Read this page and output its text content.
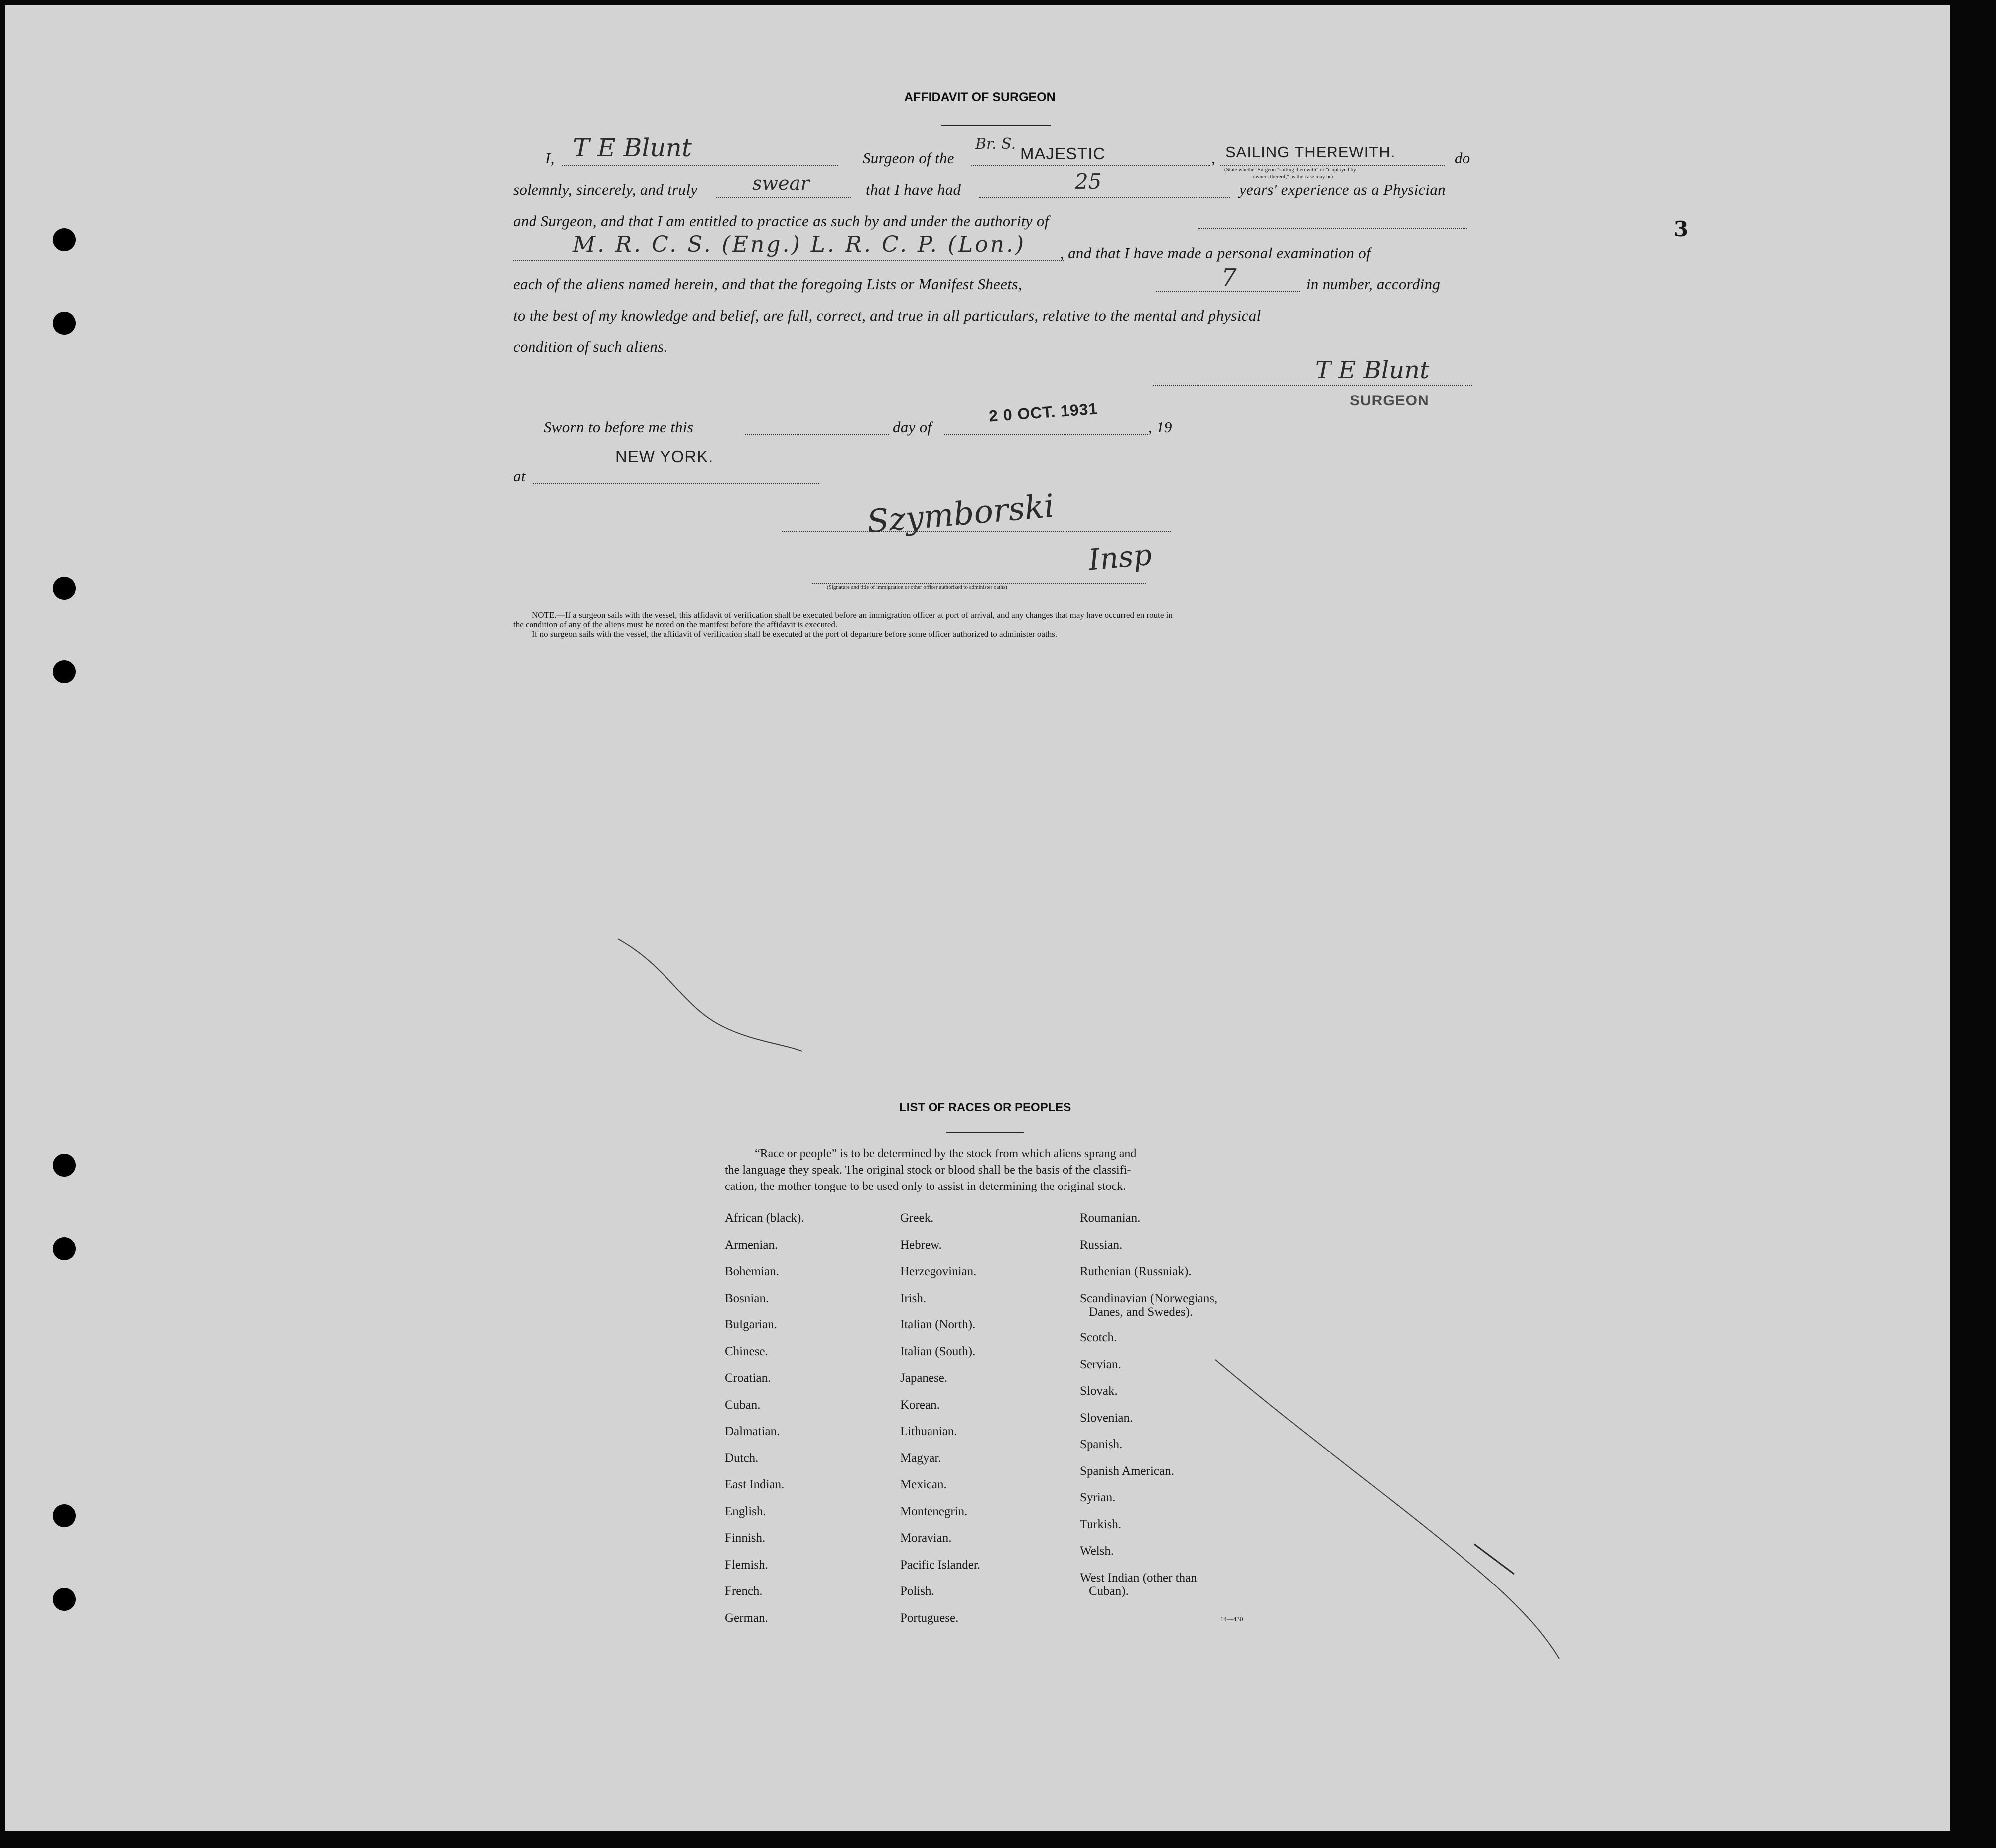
3
AFFIDAVIT OF SURGEON
I, T E Blunt	Surgeon of the
Br. S.
MAJESTIC	, SAILING THEREWITH.
(State whether Surgeon "sailing therewith" or "employed by
owners thereof," as the case may be)
do
solemnly, sincerely, and truly	swear	that I have had	25	years' experience as a Physician
and Surgeon, and that I am entitled to practice as such by and under the authority of
M. R. C. S. (Eng.) L. R. C. P. (Lon.) , and that I have made a personal examination of
each of the aliens named herein, and that the foregoing Lists or Manifest Sheets,	7	in number, according
to the best of my knowledge and belief, are full, correct, and true in all particulars, relative to the mental and physical
condition of such aliens.
T E Blunt
SURGEON
Sworn to before me this	day of
2 0 OCT. 1931
, 19
NEW YORK.
at
Szymborski
Insp
(Signature and title of immigration or other officer authorized to administer oaths)
NOTE.—If a surgeon sails with the vessel, this affidavit of verification shall be executed before an immigration officer at port of arrival, and any changes that may have occurred en route in
the condition of any of the aliens must be noted on the manifest before the affidavit is executed.
If no surgeon sails with the vessel, the affidavit of verification shall be executed at the port of departure before some officer authorized to administer oaths.
LIST OF RACES OR PEOPLES
“Race or people” is to be determined by the stock from which aliens sprang and
the language they speak. The original stock or blood shall be the basis of the classifi-
cation, the mother tongue to be used only to assist in determining the original stock.
14—430
African (black).
Armenian.
Bohemian.
Bosnian.
Bulgarian.
Chinese.
Croatian.
Cuban.
Dalmatian.
Dutch.
East Indian.
English.
Finnish.
Flemish.
French.
German.
Greek.
Hebrew.
Herzegovinian.
Irish.
Italian (North).
Italian (South).
Japanese.
Korean.
Lithuanian.
Magyar.
Mexican.
Montenegrin.
Moravian.
Pacific Islander.
Polish.
Portuguese.
Roumanian.
Russian.
Ruthenian (Russniak).
Scandinavian (Norwegians,
Danes, and Swedes).
Scotch.
Servian.
Slovak.
Slovenian.
Spanish.
Spanish American.
Syrian.
Turkish.
Welsh.
West Indian (other than
Cuban).
